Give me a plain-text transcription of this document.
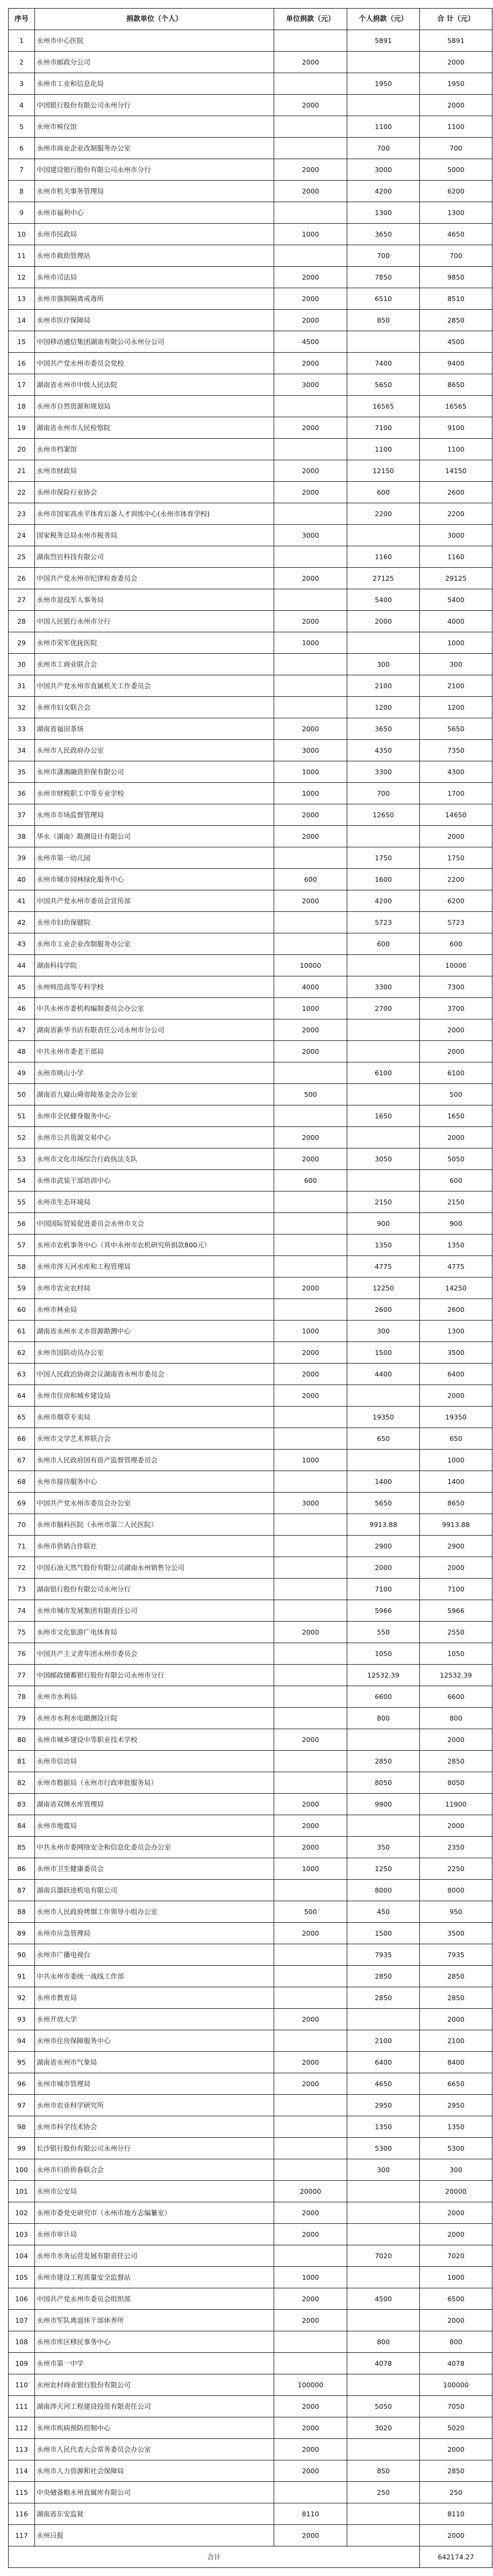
序号	捐款单位（个人）	单位捐款（元）	个人捐款（元）	合 计（元）
1	永州市中心医院		5891	5891
2	永州市邮政分公司	2000		2000
3	永州市工业和信息化局		1950	1950
4	中国银行股份有限公司永州分行	2000		2000
5	永州市殡仪馆		1100	1100
6	永州市商业企业改制服务办公室		700	700
7	中国建设银行股份有限公司永州市分行	2000	3000	5000
8	永州市机关事务管理局	2000	4200	6200
9	永州市福利中心		1300	1300
10	永州市民政局	1000	3650	4650
11	永州市救助管理站		700	700
12	永州市司法局	2000	7850	9850
13	永州市强制隔离戒毒所	2000	6510	8510
14	永州市医疗保障局	2000	850	2850
15	中国移动通信集团湖南有限公司永州分公司	4500		4500
16	中国共产党永州市委员会党校	2000	7400	9400
17	湖南省永州市中级人民法院	3000	5650	8650
18	永州市自然资源和规划局		16565	16565
19	湖南省永州市人民检察院	2000	7100	9100
20	永州市档案馆		1100	1100
21	永州市财政局	2000	12150	14150
22	永州市保险行业协会	2000	600	2600
23	永州市国家高水平体育后备人才训练中心(永州市体育学校)		2200	2200
24	国家税务总局永州市税务局	3000		3000
25	湖南烈岩科技有限公司		1160	1160
26	中国共产党永州市纪律检查委员会	2000	27125	29125
27	永州市退役军人事务局		5400	5400
28	中国人民银行永州市分行	2000	2000	4000
29	永州市荣军优抚医院	1000		1000
30	永州市工商业联合会		300	300
31	中国共产党永州市直属机关工作委员会		2100	2100
32	永州市妇女联合会		1200	1200
33	湖南省福田茶场	2000	3650	5650
34	永州市人民政府办公室	3000	4350	7350
35	永州市潇湘融资担保有限公司	1000	3300	4300
36	永州市财税职工中等专业学校	1000	700	1700
37	永州市市场监督管理局	2000	12650	14650
38	华永（湖南）勘测设计有限公司	2000		2000
39	永州市第一幼儿园		1750	1750
40	永州市城市园林绿化服务中心	600	1600	2200
41	中国共产党永州市委员会宣传部	2000	4200	6200
42	永州市妇幼保健院		5723	5723
43	永州市工业企业改制服务办公室		600	600
44	湖南科技学院	10000		10000
45	永州师范高等专科学校	4000	3300	7300
46	中共永州市委机构编制委员会办公室	1000	2700	3700
47	湖南省新华书店有限责任公司永州市分公司	2000		2000
48	中共永州市委老干部局	2000		2000
49	永州市映山小学		6100	6100
50	湖南省九嶷山舜帝陵基金会办公室	500		500
51	永州市全民健身服务中心		1650	1650
52	永州市公共资源交易中心	2000		2000
53	永州市文化市场综合行政执法支队	2000	3050	5050
54	永州市武装干部培训中心	600		600
55	永州市生态环境局		2150	2150
56	中国国际贸易促进委员会永州市支会		900	900
57	永州市农机事务中心（其中永州市农机研究所捐款800元）		1350	1350
58	永州市涔天河水库和工程管理局		4775	4775
59	永州市农业农村局	2000	12250	14250
60	永州市林业局		2600	2600
61	湖南省永州水文水资源勘测中心	1000	300	1300
62	永州市国防动员办公室	2000	1500	3500
63	中国人民政治协商会议湖南省永州市委员会	2000	4400	6400
64	永州市住房和城乡建设局	2000		2000
65	永州市烟草专卖局		19350	19350
66	永州市文学艺术界联合会		650	650
67	永州市人民政府国有资产监督管理委员会	1000		1000
68	永州市接待服务中心		1400	1400
69	中国共产党永州市委员会办公室	3000	5650	8650
70	永州市脑科医院（永州市第二人民医院）		9913.88	9913.88
71	永州市供销合作联社		2900	2900
72	中国石油天然气股份有限公司湖南永州销售分公司		2000	2000
73	湖南银行股份有限公司永州分行		7100	7100
74	永州市城市发展集团有限责任公司		5966	5966
75	永州市文化旅游广电体育局	2000	550	2550
76	中国共产主义青年团永州市委员会		1050	1050
77	中国邮政储蓄银行股份有限公司永州市分行		12532.39	12532.39
78	永州市水利局		6600	6600
79	永州市水利水电勘测设计院		800	800
80	永州市城乡建设中等职业技术学校	2000		2000
81	永州市信访局		2850	2850
82	永州市数据局（永州市行政审批服务局）		8050	8050
83	湖南省双牌水库管理局	2000	9900	11900
84	永州市地震局	2000		2000
85	中共永州市委网络安全和信息化委员会办公室	2000	350	2350
86	永州市卫生健康委员会	1000	1250	2250
87	湖南兵器跃进机电有限公司		8000	8000
88	永州市人民政府烤烟工作领导小组办公室	500	450	950
89	永州市应急管理局	2000	1500	3500
90	永州市广播电视台		7935	7935
91	中共永州市委统一战线工作部		2850	2850
92	永州市教育局		2850	2850
93	永州开放大学	2000		2000
94	永州市住房保障服务中心		2100	2100
95	湖南省永州市气象局	2000	6400	8400
96	永州市城市管理局	2000	4650	6650
97	永州市农业科学研究所		2950	2950
98	永州市科学技术协会		1350	1350
99	长沙银行股份有限公司永州分行		5300	5300
100	永州市归侨侨眷联合会		300	300
101	永州市公安局	20000		20000
102	永州市委党史研究市（永州市地方志编纂室）	2000		2000
103	永州市审计局	2000		2000
104	永州市水务运营发展有限责任公司		7020	7020
105	永州市建设工程质量安全监督站	1000		1000
106	中国共产党永州市委员会组织部	2000	4500	6500
107	永州市军队离退休干部休养所	2000		2000
108	永州市库区移民事务中心		800	800
109	永州市第一中学		4078	4078
110	永州农村商业银行股份有限公司	100000		100000
111	湖南涔天河工程建设投资有限责任公司	2000	5050	7050
112	永州市疾病预防控制中心	2000	3020	5020
113	永州市人民代表大会常务委员会办公室	2000		2000
114	永州市人力资源和社会保障局	2000	850	2850
115	中央储备粮永州直属库有限公司		250	250
116	湖南省东安监狱	8110		8110
117	永州日报	2000		2000
合计				642174.27
